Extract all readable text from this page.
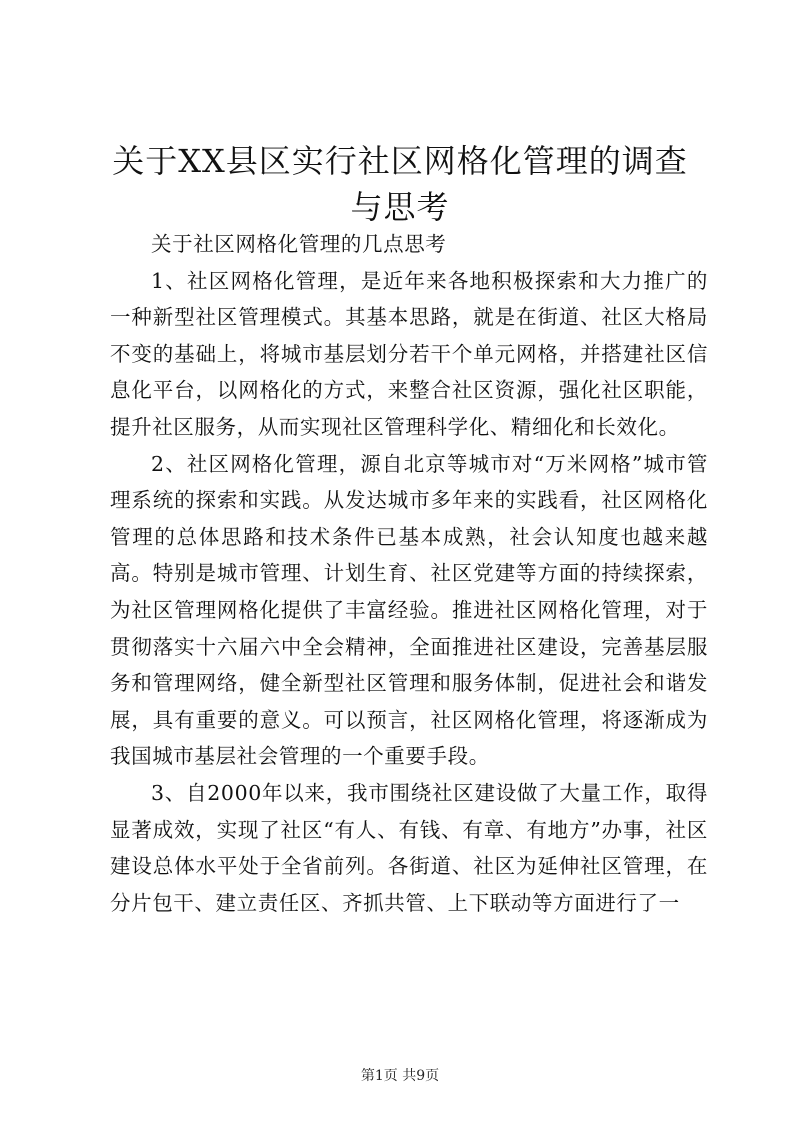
关于XX县区实行社区网格化管理的调查与思考

关于社区网格化管理的几点思考

1、社区网格化管理，是近年来各地积极探索和大力推广的一种新型社区管理模式。其基本思路，就是在街道、社区大格局不变的基础上，将城市基层划分若干个单元网格，并搭建社区信息化平台，以网格化的方式，来整合社区资源，强化社区职能，提升社区服务，从而实现社区管理科学化、精细化和长效化。

2、社区网格化管理，源自北京等城市对“万米网格”城市管理系统的探索和实践。从发达城市多年来的实践看，社区网格化管理的总体思路和技术条件已基本成熟，社会认知度也越来越高。特别是城市管理、计划生育、社区党建等方面的持续探索，为社区管理网格化提供了丰富经验。推进社区网格化管理，对于贯彻落实十六届六中全会精神，全面推进社区建设，完善基层服务和管理网络，健全新型社区管理和服务体制，促进社会和谐发展，具有重要的意义。可以预言，社区网格化管理，将逐渐成为我国城市基层社会管理的一个重要手段。

3、自2000年以来，我市围绕社区建设做了大量工作，取得显著成效，实现了社区“有人、有钱、有章、有地方”办事，社区建设总体水平处于全省前列。各街道、社区为延伸社区管理，在分片包干、建立责任区、齐抓共管、上下联动等方面进行了一

第1页 共9页
